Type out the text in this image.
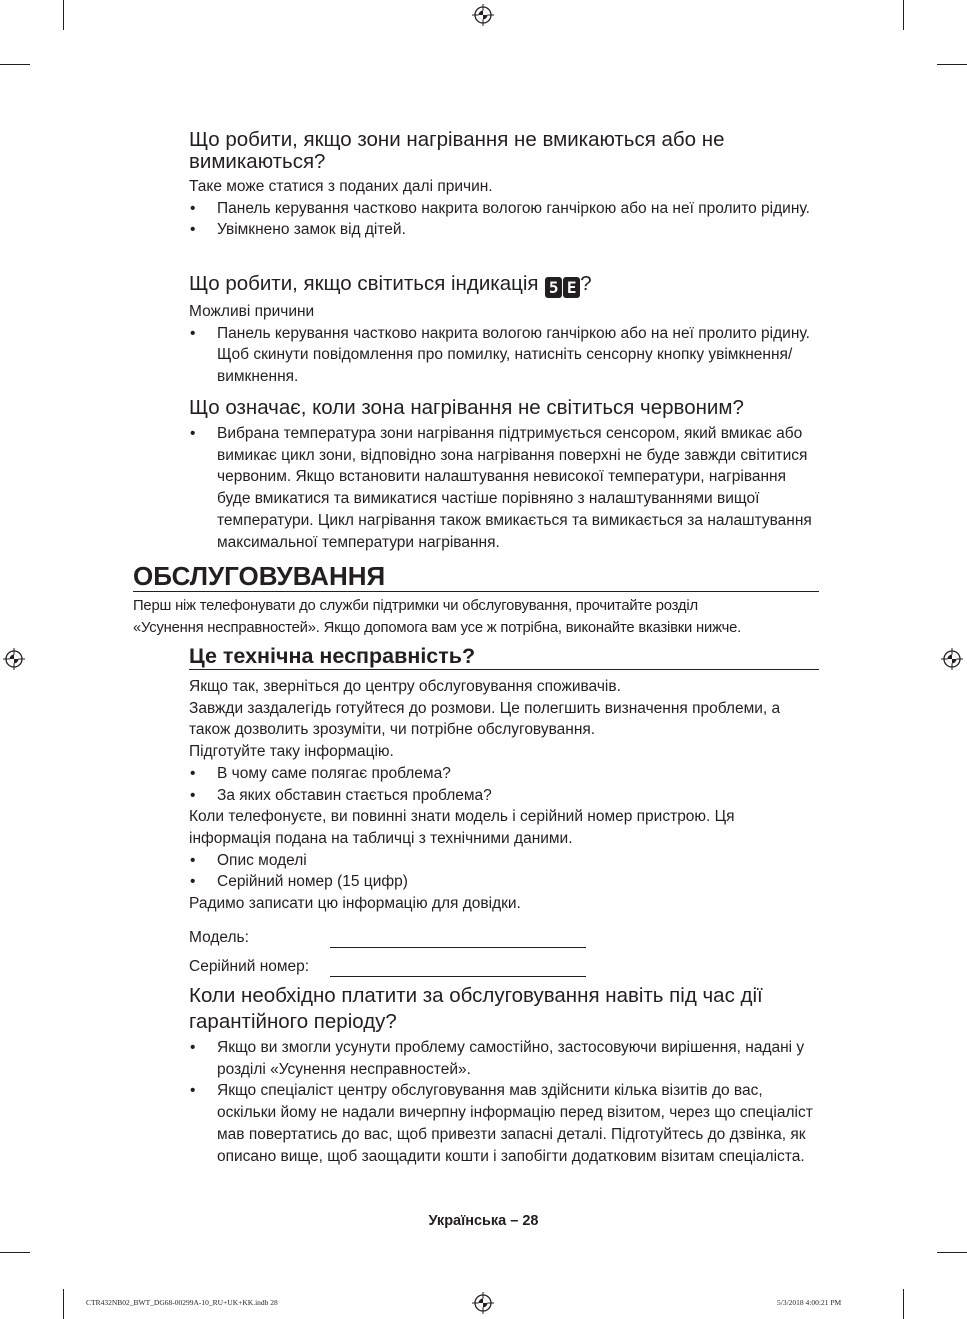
Що робити, якщо зони нагрівання не вмикаються або не вимикаються?

Таке може статися з поданих далі причин.

• Панель керування частково накрита вологою ганчіркою або на неї пролито рідину.
• Увімкнено замок від дітей.
Що робити, якщо світиться індикація 5 E ?

Можливі причини

• Панель керування частково накрита вологою ганчіркою або на неї пролито рідину. Щоб скинути повідомлення про помилку, натисніть сенсорну кнопку увімкнення/вимкнення.
Що означає, коли зона нагрівання не світиться червоним?
• Вибрана температура зони нагрівання підтримується сенсором, який вмикає або вимикає цикл зони, відповідно зона нагрівання поверхні не буде завжди світитися червоним. Якщо встановити налаштування невисокої температури, нагрівання буде вмикатися та вимикатися частіше порівняно з налаштуваннями вищої температури. Цикл нагрівання також вмикається та вимикається за налаштування максимальної температури нагрівання.
ОБСЛУГОВУВАННЯ
Перш ніж телефонувати до служби підтримки чи обслуговування, прочитайте розділ
«Усунення несправностей». Якщо допомога вам усе ж потрібна, виконайте вказівки нижче.
Це технічна несправність?

Якщо так, зверніться до центру обслуговування споживачів.

Завжди заздалегідь готуйтеся до розмови. Це полегшить визначення проблеми, а також дозволить зрозуміти, чи потрібне обслуговування.

Підготуйте таку інформацію.

• В чому саме полягає проблема?
• За яких обставин стається проблема?

Коли телефонуєте, ви повинні знати модель і серійний номер пристрою. Ця інформація подана на табличці з технічними даними.

• Опис моделі
• Серійний номер (15 цифр)

Радимо записати цю інформацію для довідки.

Модель:
Серійний номер:
Коли необхідно платити за обслуговування навіть під час дії гарантійного періоду?
• Якщо ви змогли усунути проблему самостійно, застосовуючи вирішення, надані у розділі «Усунення несправностей».
• Якщо спеціаліст центру обслуговування мав здійснити кілька візитів до вас, оскільки йому не надали вичерпну інформацію перед візитом, через що спеціаліст мав повертатись до вас, щоб привезти запасні деталі. Підготуйтесь до дзвінка, як описано вище, щоб заощадити кошти і запобігти додатковим візитам спеціаліста.
Українська – 28
CTR432NB02_BWT_DG68-00299A-10_RU+UK+KK.indb 28	5/3/2018 4:00:21 PM
